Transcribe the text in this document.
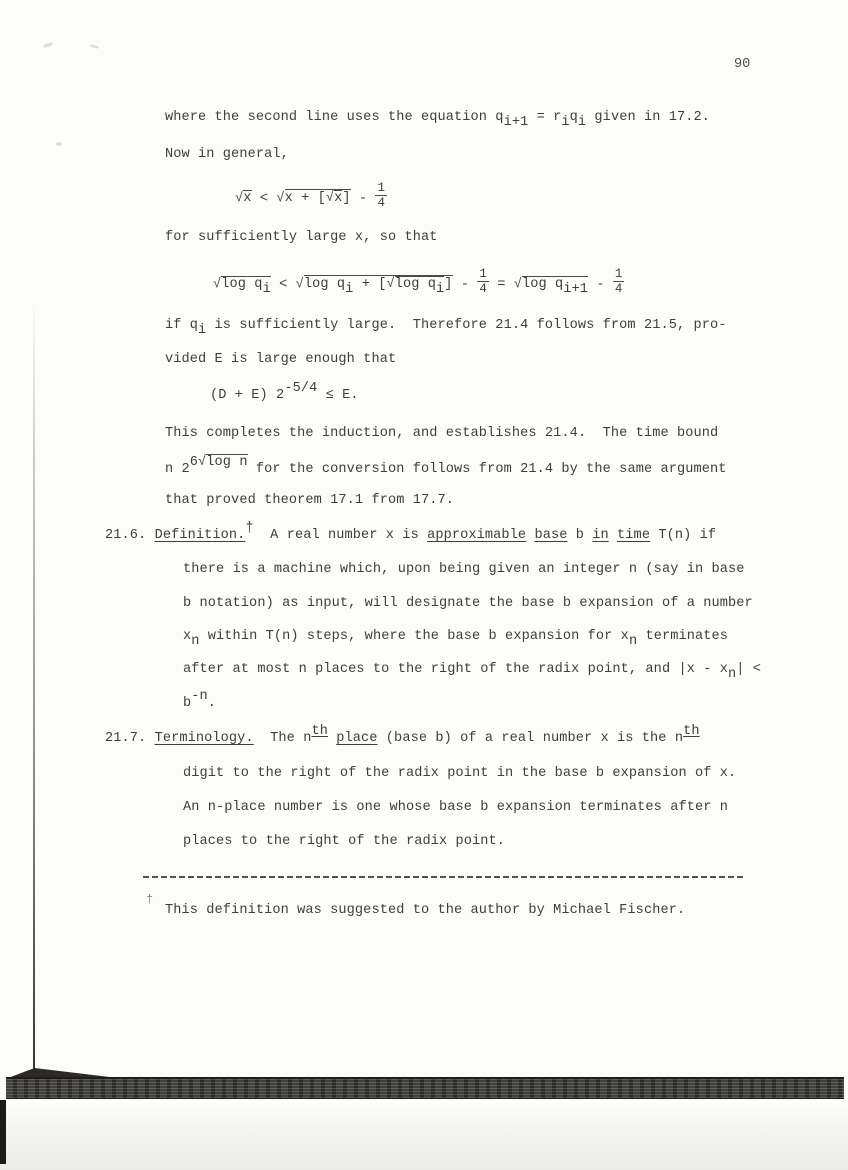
90
where the second line uses the equation qi+1 = riqi given in 17.2.
Now in general,
$√x < √x + [√x] - \frac{1}{4}$
for sufficiently large x, so that
√log qi < √log qi + [√log $qi] - \frac{1}{4} = √\log$ $qi+1 - \frac{1}{4}$
if qi is sufficiently large.  Therefore 21.4 follows from 21.5, pro-
vided E is large enough that
(D + E) 2-5/4 ≤ E.
This completes the induction, and establishes 21.4.  The time bound
n 26√log n for the conversion follows from 21.4 by the same argument
that proved theorem 17.1 from 17.7.
21.6. Definition.†  A real number x is approximable base b in time T(n) if
there is a machine which, upon being given an integer n (say in base
b notation) as input, will designate the base b expansion of a number
xn within T(n) steps, where the base b expansion for xn terminates
after at most n places to the right of the radix point, and |x - xn| <
b-n.
21.7. Terminology.  The nth place (base b) of a real number x is the nth
digit to the right of the radix point in the base b expansion of x.
An n-place number is one whose base b expansion terminates after n
places to the right of the radix point.
†
This definition was suggested to the author by Michael Fischer.
